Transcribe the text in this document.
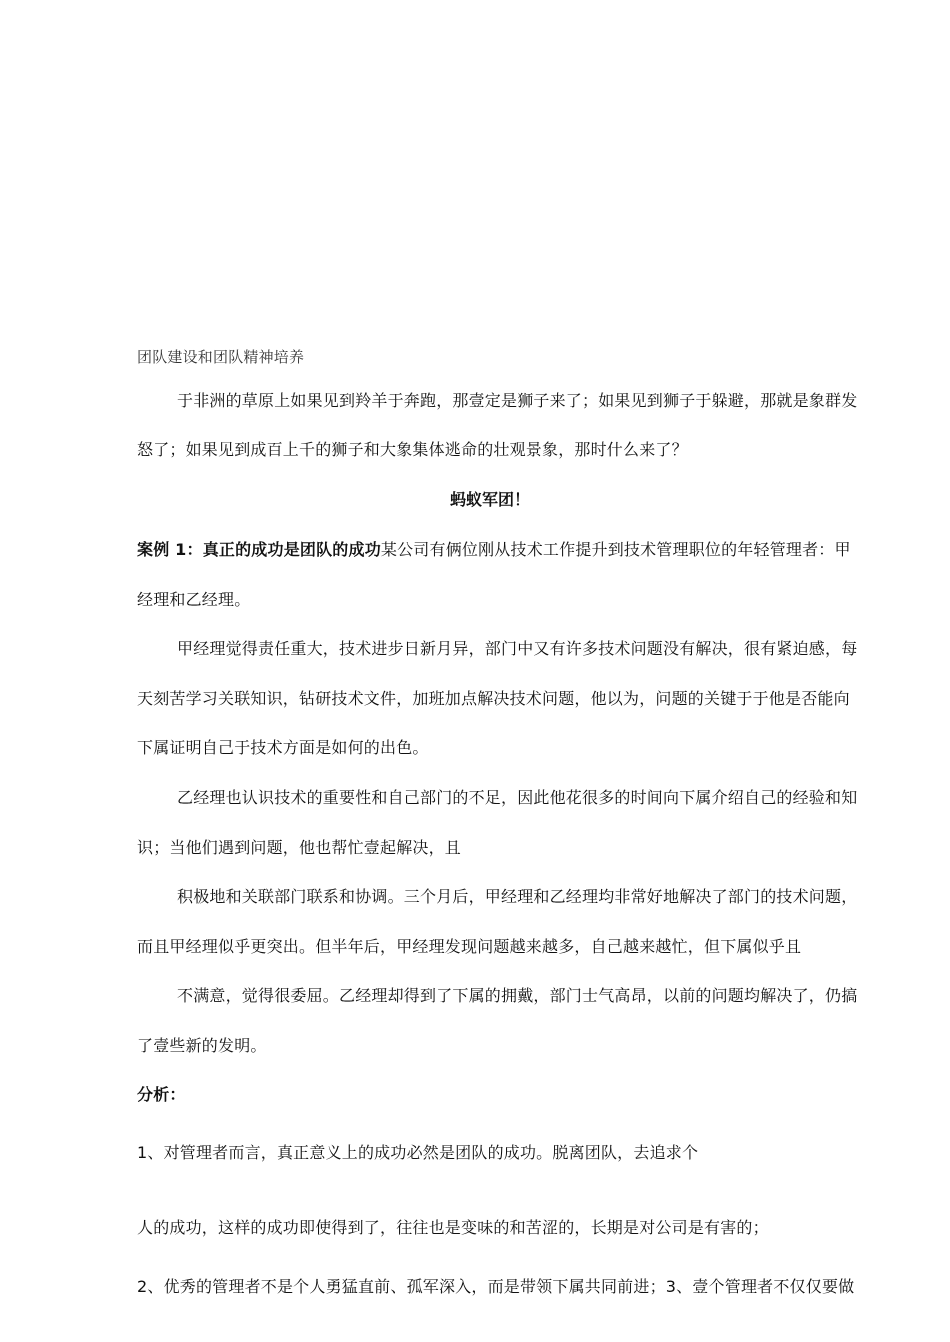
团队建设和团队精神培养
于非洲的草原上如果见到羚羊于奔跑，那壹定是狮子来了；如果见到狮子于躲避，那就是象群发
怒了；如果见到成百上千的狮子和大象集体逃命的壮观景象，那时什么来了？
蚂蚁军团！
案例 1：真正的成功是团队的成功某公司有俩位刚从技术工作提升到技术管理职位的年轻管理者：甲
经理和乙经理。
甲经理觉得责任重大，技术进步日新月异，部门中又有许多技术问题没有解决，很有紧迫感，每
天刻苦学习关联知识，钻研技术文件，加班加点解决技术问题，他以为，问题的关键于于他是否能向
下属证明自己于技术方面是如何的出色。
乙经理也认识技术的重要性和自己部门的不足，因此他花很多的时间向下属介绍自己的经验和知
识；当他们遇到问题，他也帮忙壹起解决，且
积极地和关联部门联系和协调。三个月后，甲经理和乙经理均非常好地解决了部门的技术问题，
而且甲经理似乎更突出。但半年后，甲经理发现问题越来越多，自己越来越忙，但下属似乎且
不满意，觉得很委屈。乙经理却得到了下属的拥戴，部门士气高昂，以前的问题均解决了，仍搞
了壹些新的发明。
分析：
1、对管理者而言，真正意义上的成功必然是团队的成功。脱离团队，去追求个
人的成功，这样的成功即使得到了，往往也是变味的和苦涩的，长期是对公司是有害的；
2、优秀的管理者不是个人勇猛直前、孤军深入，而是带领下属共同前进；3、壹个管理者不仅仅要做
